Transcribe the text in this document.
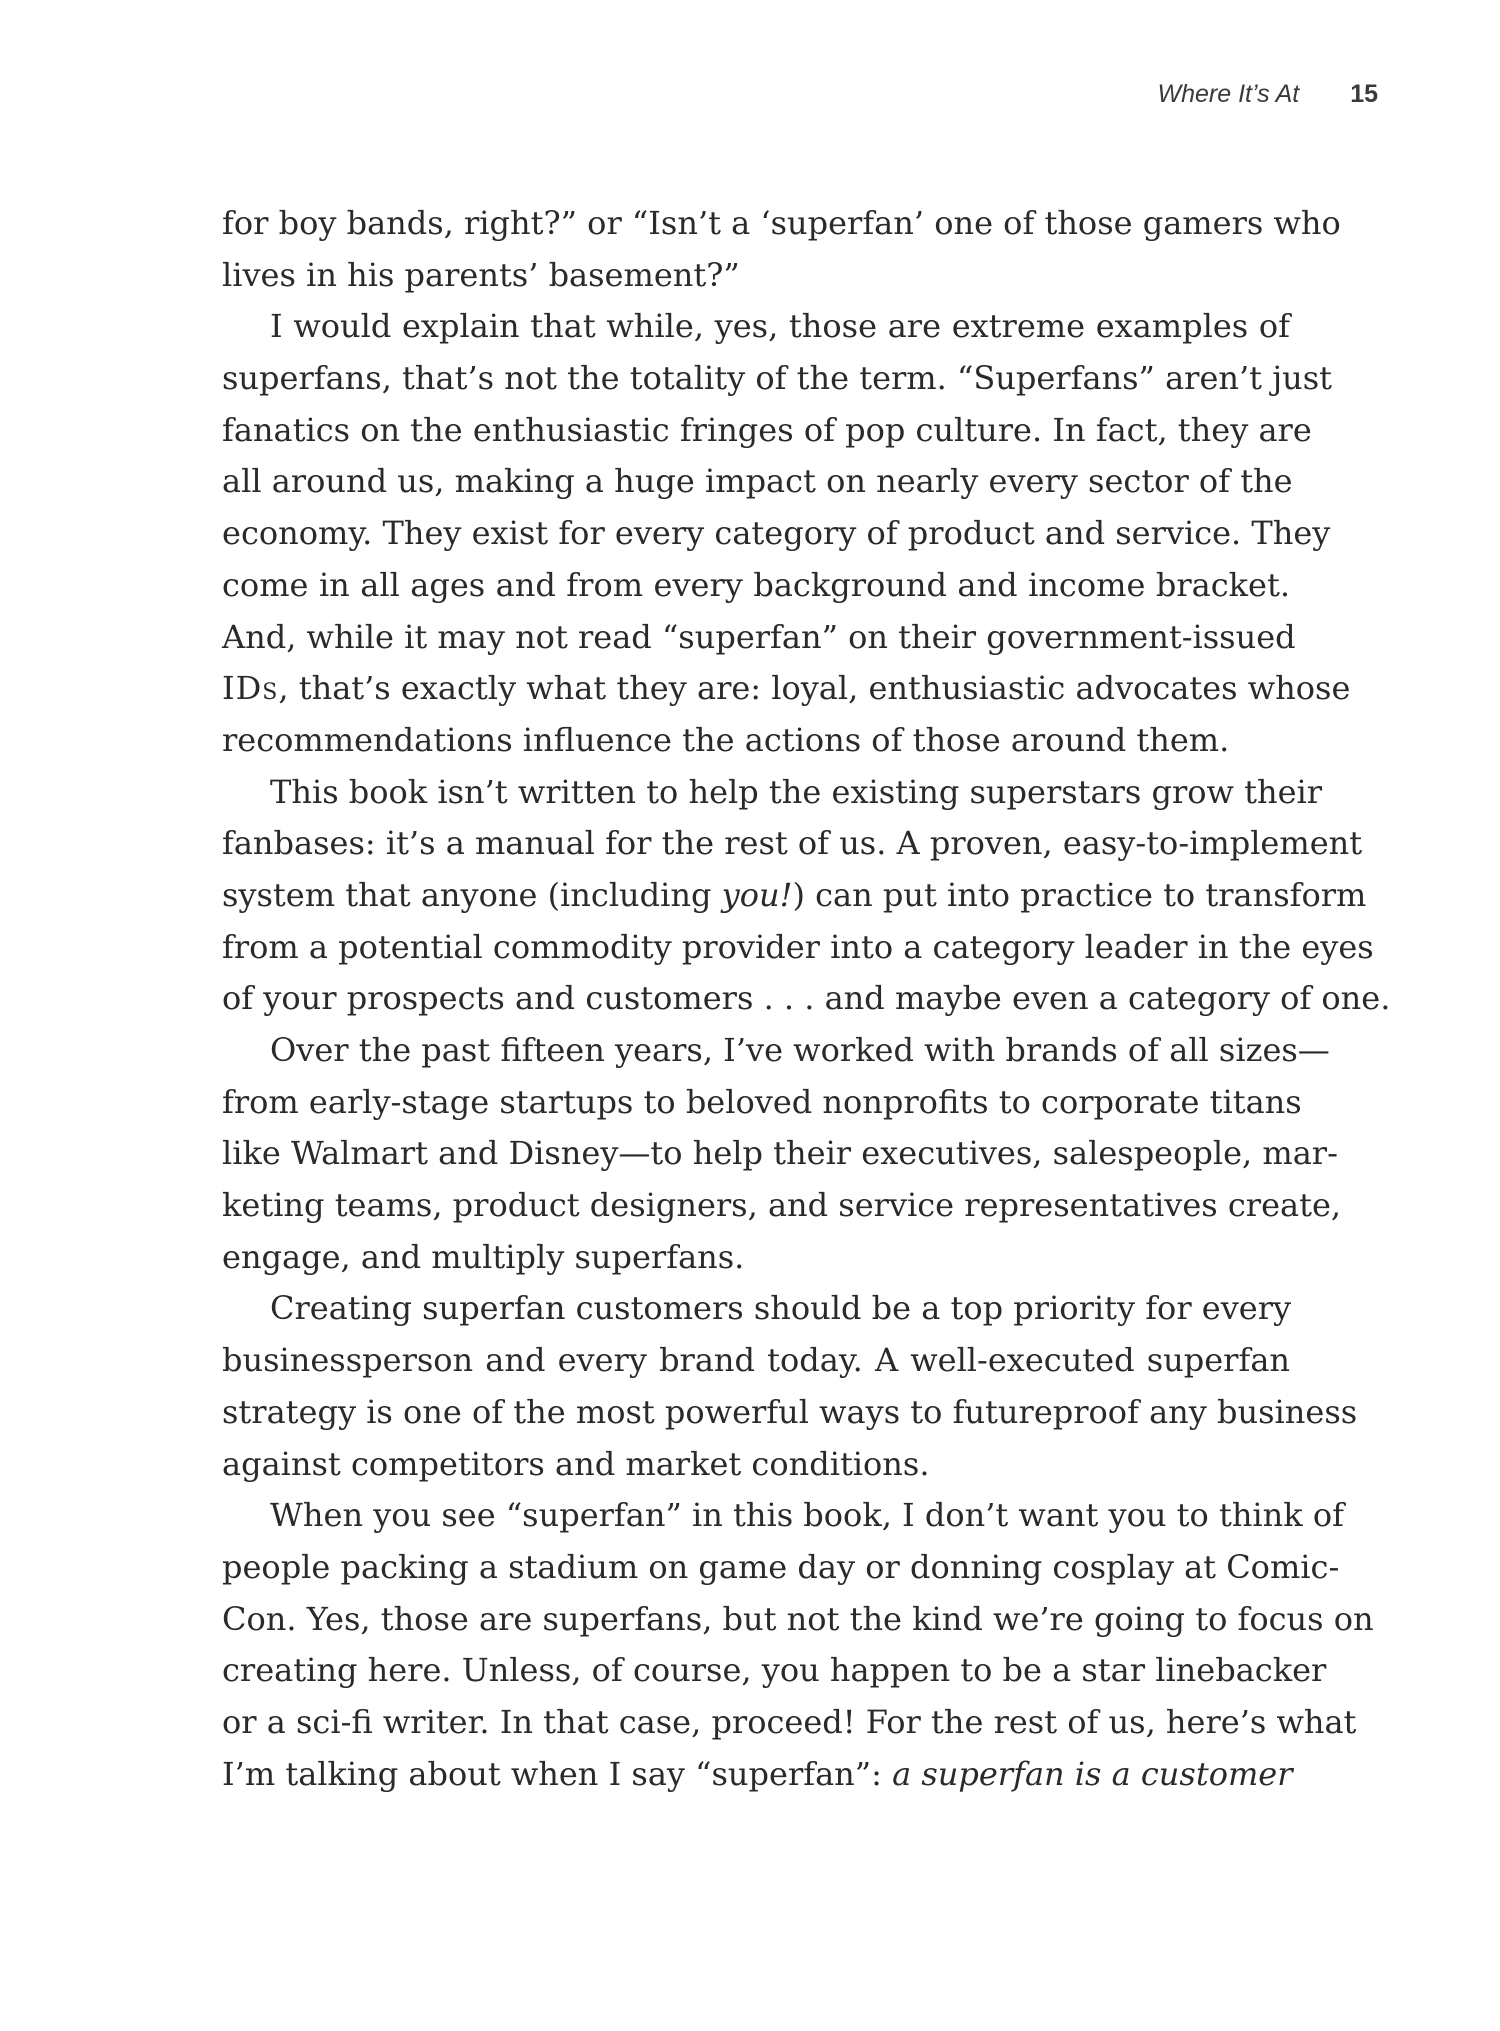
Where It’s At 15
for boy bands, right?” or “Isn’t a ‘superfan’ one of those gamers who
lives in his parents’ basement?”
I would explain that while, yes, those are extreme examples of
superfans, that’s not the totality of the term. “Superfans” aren’t just
fanatics on the enthusiastic fringes of pop culture. In fact, they are
all around us, making a huge impact on nearly every sector of the
economy. They exist for every category of product and service. They
come in all ages and from every background and income bracket.
And, while it may not read “superfan” on their government-issued
IDs, that’s exactly what they are: loyal, enthusiastic advocates whose
recommendations influence the actions of those around them.
This book isn’t written to help the existing superstars grow their
fanbases: it’s a manual for the rest of us. A proven, easy-to-implement
system that anyone (including you!) can put into practice to transform
from a potential commodity provider into a category leader in the eyes
of your prospects and customers . . . and maybe even a category of one.
Over the past fifteen years, I’ve worked with brands of all sizes—
from early-stage startups to beloved nonprofits to corporate titans
like Walmart and Disney—to help their executives, salespeople, mar-
keting teams, product designers, and service representatives create,
engage, and multiply superfans.
Creating superfan customers should be a top priority for every
businessperson and every brand today. A well-executed superfan
strategy is one of the most powerful ways to futureproof any business
against competitors and market conditions.
When you see “superfan” in this book, I don’t want you to think of
people packing a stadium on game day or donning cosplay at Comic-
Con. Yes, those are superfans, but not the kind we’re going to focus on
creating here. Unless, of course, you happen to be a star linebacker
or a sci-fi writer. In that case, proceed! For the rest of us, here’s what
I’m talking about when I say “superfan”: a superfan is a customer
